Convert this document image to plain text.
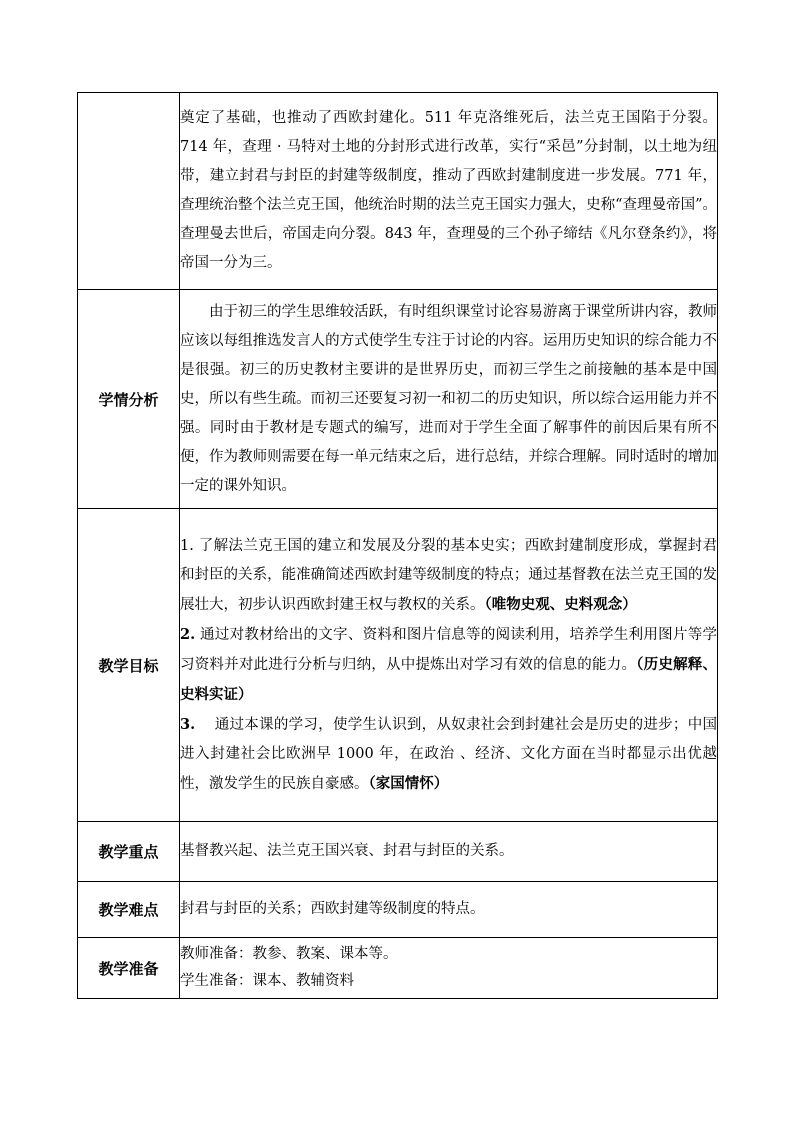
	奠定了基础，也推动了西欧封建化。511 年克洛维死后，法兰克王国陷于分裂。714 年，查理 · 马特对土地的分封形式进行改革，实行“采邑”分封制，以土地为纽带，建立封君与封臣的封建等级制度，推动了西欧封建制度进一步发展。771 年，查理统治整个法兰克王国，他统治时期的法兰克王国实力强大，史称“查理曼帝国”。查理曼去世后，帝国走向分裂。843 年，查理曼的三个孙子缔结《凡尔登条约》，将帝国一分为三。

学情分析	由于初三的学生思维较活跃，有时组织课堂讨论容易游离于课堂所讲内容，教师应该以每组推选发言人的方式使学生专注于讨论的内容。运用历史知识的综合能力不是很强。初三的历史教材主要讲的是世界历史，而初三学生之前接触的基本是中国史，所以有些生疏。而初三还要复习初一和初二的历史知识，所以综合运用能力并不强。同时由于教材是专题式的编写，进而对于学生全面了解事件的前因后果有所不便，作为教师则需要在每一单元结束之后，进行总结，并综合理解。同时适时的增加一定的课外知识。

教学目标	1. 了解法兰克王国的建立和发展及分裂的基本史实；西欧封建制度形成，掌握封君和封臣的关系，能准确简述西欧封建等级制度的特点；通过基督教在法兰克王国的发展壮大，初步认识西欧封建王权与教权的关系。（唯物史观、史料观念）

2. 通过对教材给出的文字、资料和图片信息等的阅读利用，培养学生利用图片等学习资料并对此进行分析与归纳，从中提炼出对学习有效的信息的能力。（历史解释、史料实证）

3.    通过本课的学习，使学生认识到，从奴隶社会到封建社会是历史的进步；中国进入封建社会比欧洲早 1000 年，在政治 、经济、文化方面在当时都显示出优越性，激发学生的民族自豪感。（家国情怀）

教学重点	基督教兴起、法兰克王国兴衰、封君与封臣的关系。

教学难点	封君与封臣的关系；西欧封建等级制度的特点。

教学准备	教师准备：教参、教案、课本等。

学生准备：课本、教辅资料
